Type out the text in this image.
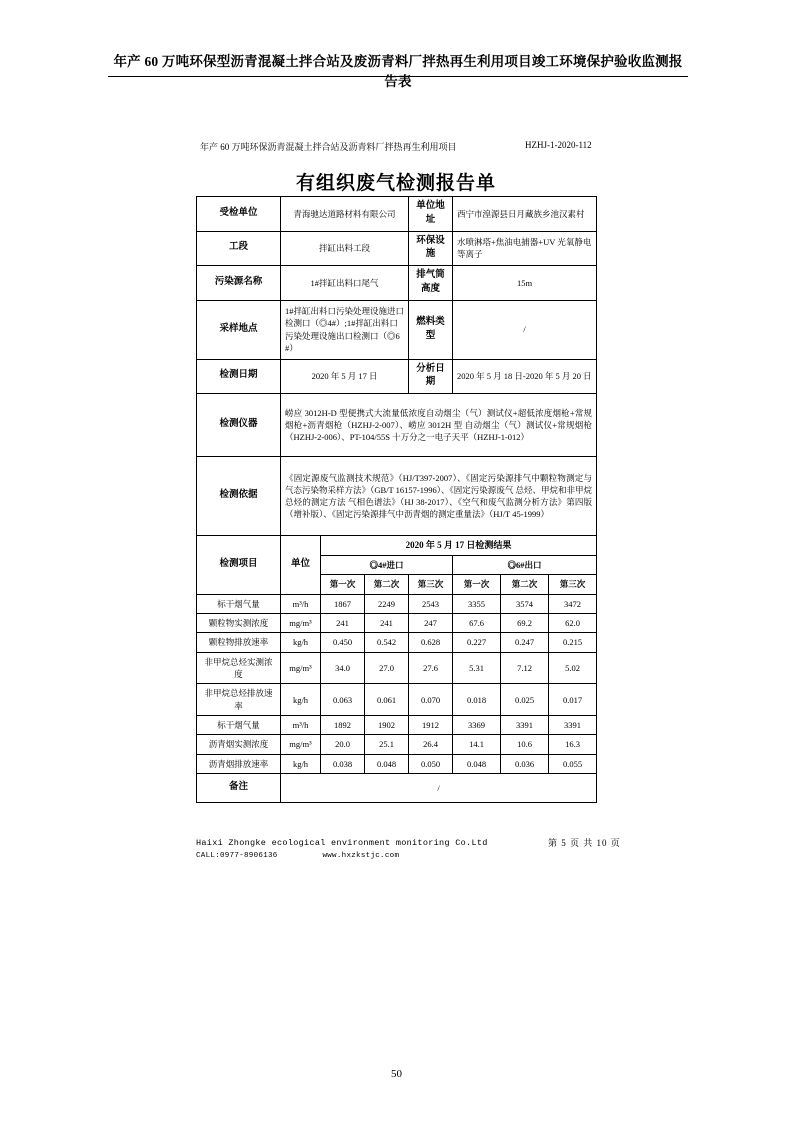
年产 60 万吨环保型沥青混凝土拌合站及废沥青料厂拌热再生利用项目竣工环境保护验收监测报告表
年产 60 万吨环保沥青混凝土拌合站及沥青料厂拌热再生利用项目	HZHJ-1-2020-112
有组织废气检测报告单
受检单位	青海驰达道路材料有限公司			单位地址	西宁市湟源县日月藏族乡池汉素村		
工段	拌缸出料工段			环保设施	水喷淋塔+焦油电捕器+UV 光氧静电等离子		
污染源名称	1#拌缸出料口尾气			排气筒高度	15m		
采样地点	1#拌缸出料口污染处理设施进口检测口（◎4#）;1#拌缸出料口污染处理设施出口检测口（◎6#）			燃料类型	/		
检测日期	2020 年 5 月 17 日			分析日期	2020 年 5 月 18 日-2020 年 5 月 20 日		
检测仪器	崂应 3012H-D 型便携式大流量低浓度自动烟尘（气）测试仪+超低浓度烟枪+常规烟枪+沥青烟枪（HZHJ-2-007）、崂应 3012H 型 自动烟尘（气）测试仪+常规烟枪（HZHJ-2-006）、PT-104/55S 十万分之一电子天平（HZHJ-1-012）						
检测依据	《固定源废气监测技术规范》（HJ/T397-2007）、《固定污染源排气中颗粒物测定与气态污染物采样方法》（GB/T 16157-1996）、《固定污染源废气 总烃、甲烷和非甲烷总烃的测定方法 气相色谱法》（HJ 38-2017）、《空气和废气监测分析方法》第四版（增补版）、《固定污染源排气中沥青烟的测定重量法》（HJ/T 45-1999）						
检测项目	单位	2020 年 5 月 17 日检测结果					
		◎4#进口			◎6#出口		
		第一次	第二次	第三次	第一次	第二次	第三次
标干烟气量	m³/h	1867	2249	2543	3355	3574	3472
颗粒物实测浓度	mg/m³	241	241	247	67.6	69.2	62.0
颗粒物排放速率	kg/h	0.450	0.542	0.628	0.227	0.247	0.215
非甲烷总烃实测浓度	mg/m³	34.0	27.0	27.6	5.31	7.12	5.02
非甲烷总烃排放速率	kg/h	0.063	0.061	0.070	0.018	0.025	0.017
标干烟气量	m³/h	1892	1902	1912	3369	3391	3391
沥青烟实测浓度	mg/m³	20.0	25.1	26.4	14.1	10.6	16.3
沥青烟排放速率	kg/h	0.038	0.048	0.050	0.048	0.036	0.055
备注	/						
Haixi Zhongke ecological environment monitoring Co.Ltd
CALL:0977-8906136	www.hxzkstjc.com
第 5 页 共 10 页
50
